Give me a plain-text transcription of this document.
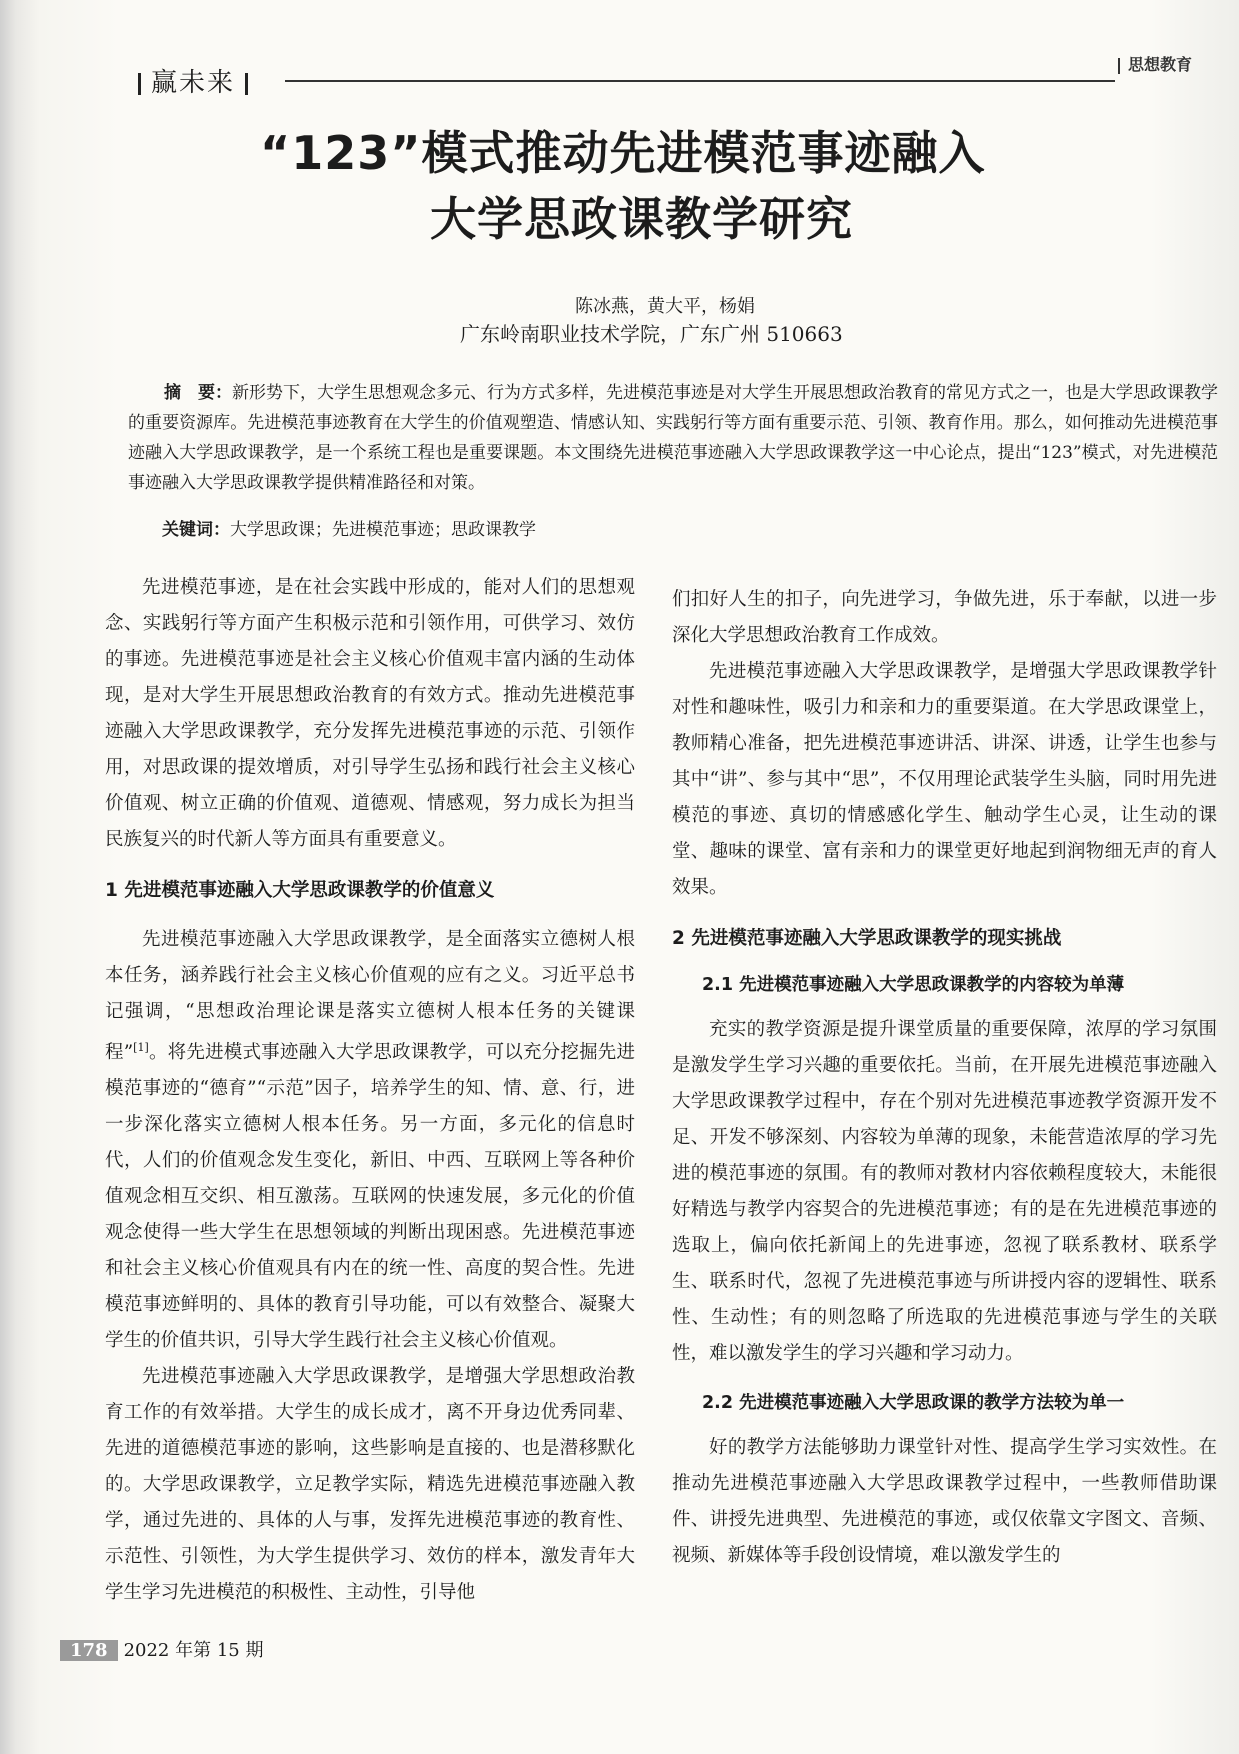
赢未来
思想教育
“123”模式推动先进模范事迹融入
大学思政课教学研究
陈冰燕，黄大平，杨娟
广东岭南职业技术学院，广东广州 510663
摘　要：新形势下，大学生思想观念多元、行为方式多样，先进模范事迹是对大学生开展思想政治教育的常见方式之一，也是大学思政课教学的重要资源库。先进模范事迹教育在大学生的价值观塑造、情感认知、实践躬行等方面有重要示范、引领、教育作用。那么，如何推动先进模范事迹融入大学思政课教学，是一个系统工程也是重要课题。本文围绕先进模范事迹融入大学思政课教学这一中心论点，提出“123”模式，对先进模范事迹融入大学思政课教学提供精准路径和对策。
关键词：大学思政课；先进模范事迹；思政课教学

先进模范事迹，是在社会实践中形成的，能对人们的思想观念、实践躬行等方面产生积极示范和引领作用，可供学习、效仿的事迹。先进模范事迹是社会主义核心价值观丰富内涵的生动体现，是对大学生开展思想政治教育的有效方式。推动先进模范事迹融入大学思政课教学，充分发挥先进模范事迹的示范、引领作用，对思政课的提效增质，对引导学生弘扬和践行社会主义核心价值观、树立正确的价值观、道德观、情感观，努力成长为担当民族复兴的时代新人等方面具有重要意义。

1 先进模范事迹融入大学思政课教学的价值意义

先进模范事迹融入大学思政课教学，是全面落实立德树人根本任务，涵养践行社会主义核心价值观的应有之义。习近平总书记强调，“思想政治理论课是落实立德树人根本任务的关键课程”[1]。将先进模式事迹融入大学思政课教学，可以充分挖掘先进模范事迹的“德育”“示范”因子，培养学生的知、情、意、行，进一步深化落实立德树人根本任务。另一方面，多元化的信息时代，人们的价值观念发生变化，新旧、中西、互联网上等各种价值观念相互交织、相互激荡。互联网的快速发展，多元化的价值观念使得一些大学生在思想领域的判断出现困惑。先进模范事迹和社会主义核心价值观具有内在的统一性、高度的契合性。先进模范事迹鲜明的、具体的教育引导功能，可以有效整合、凝聚大学生的价值共识，引导大学生践行社会主义核心价值观。

先进模范事迹融入大学思政课教学，是增强大学思想政治教育工作的有效举措。大学生的成长成才，离不开身边优秀同辈、先进的道德模范事迹的影响，这些影响是直接的、也是潜移默化的。大学思政课教学，立足教学实际，精选先进模范事迹融入教学，通过先进的、具体的人与事，发挥先进模范事迹的教育性、示范性、引领性，为大学生提供学习、效仿的样本，激发青年大学生学习先进模范的积极性、主动性，引导他

们扣好人生的扣子，向先进学习，争做先进，乐于奉献，以进一步深化大学思想政治教育工作成效。

先进模范事迹融入大学思政课教学，是增强大学思政课教学针对性和趣味性，吸引力和亲和力的重要渠道。在大学思政课堂上，教师精心准备，把先进模范事迹讲活、讲深、讲透，让学生也参与其中“讲”、参与其中“思”，不仅用理论武装学生头脑，同时用先进模范的事迹、真切的情感感化学生、触动学生心灵，让生动的课堂、趣味的课堂、富有亲和力的课堂更好地起到润物细无声的育人效果。

2 先进模范事迹融入大学思政课教学的现实挑战
2.1 先进模范事迹融入大学思政课教学的内容较为单薄

充实的教学资源是提升课堂质量的重要保障，浓厚的学习氛围是激发学生学习兴趣的重要依托。当前，在开展先进模范事迹融入大学思政课教学过程中，存在个别对先进模范事迹教学资源开发不足、开发不够深刻、内容较为单薄的现象，未能营造浓厚的学习先进的模范事迹的氛围。有的教师对教材内容依赖程度较大，未能很好精选与教学内容契合的先进模范事迹；有的是在先进模范事迹的选取上，偏向依托新闻上的先进事迹，忽视了联系教材、联系学生、联系时代，忽视了先进模范事迹与所讲授内容的逻辑性、联系性、生动性；有的则忽略了所选取的先进模范事迹与学生的关联性，难以激发学生的学习兴趣和学习动力。

2.2 先进模范事迹融入大学思政课的教学方法较为单一

好的教学方法能够助力课堂针对性、提高学生学习实效性。在推动先进模范事迹融入大学思政课教学过程中，一些教师借助课件、讲授先进典型、先进模范的事迹，或仅依靠文字图文、音频、视频、新媒体等手段创设情境，难以激发学生的

178 2022 年第 15 期
